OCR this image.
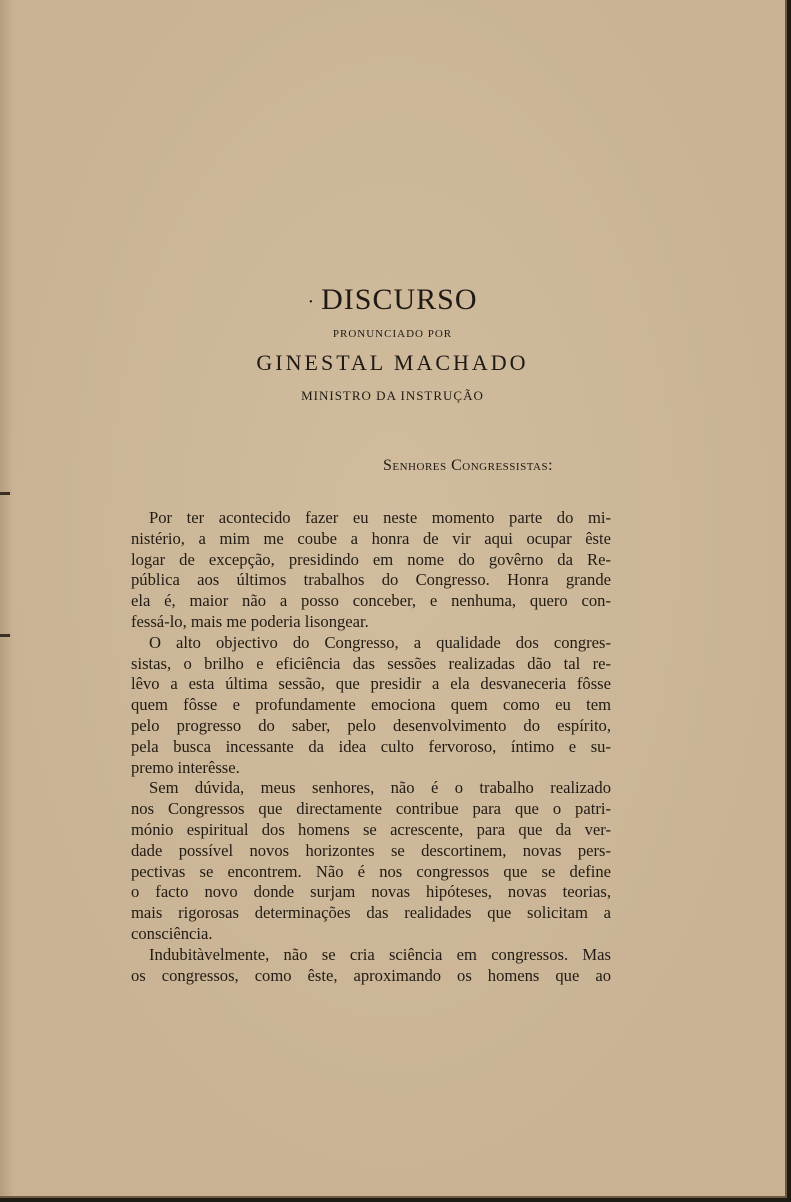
· DISCURSO
PRONUNCIADO POR
GINESTAL MACHADO
MINISTRO DA INSTRUÇÃO
Senhores Congressistas:
Por ter acontecido fazer eu neste momento parte do mi-
nistério, a mim me coube a honra de vir aqui ocupar êste
logar de excepção, presidindo em nome do govêrno da Re-
pública aos últimos trabalhos do Congresso. Honra grande
ela é, maior não a posso conceber, e nenhuma, quero con-
fessá-lo, mais me poderia lisongear.
O alto objectivo do Congresso, a qualidade dos congres-
sistas, o brilho e eficiência das sessões realizadas dão tal re-
lêvo a esta última sessão, que presidir a ela desvaneceria fôsse
quem fôsse e profundamente emociona quem como eu tem
pelo progresso do saber, pelo desenvolvimento do espírito,
pela busca incessante da idea culto fervoroso, íntimo e su-
premo interêsse.
Sem dúvida, meus senhores, não é o trabalho realizado
nos Congressos que directamente contribue para que o patri-
mónio espiritual dos homens se acrescente, para que da ver-
dade possível novos horizontes se descortinem, novas pers-
pectivas se encontrem. Não é nos congressos que se define
o facto novo donde surjam novas hipóteses, novas teorias,
mais rigorosas determinações das realidades que solicitam a
consciência.
Indubitàvelmente, não se cria sciência em congressos. Mas
os congressos, como êste, aproximando os homens que ao
